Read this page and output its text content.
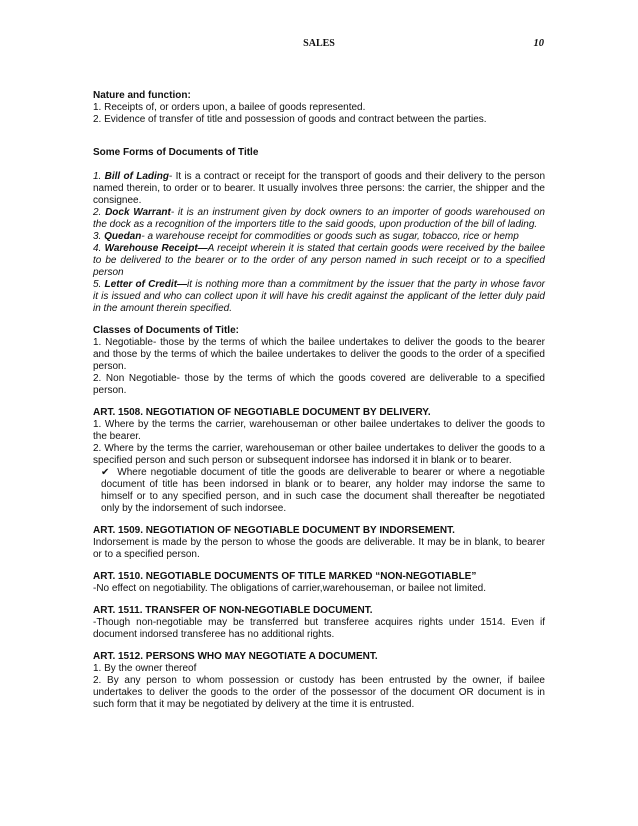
SALES	10

Nature and function:

1. Receipts of, or orders upon, a bailee of goods represented.

2. Evidence of transfer of title and possession of goods and contract between the parties.

Some Forms of Documents of Title

1. Bill of Lading- It is a contract or receipt for the transport of goods and their delivery to the person named therein, to order or to bearer. It usually involves three persons: the carrier, the shipper and the consignee.

2. Dock Warrant- it is an instrument given by dock owners to an importer of goods warehoused on the dock as a recognition of the importers title to the said goods, upon production of the bill of lading.

3. Quedan- a warehouse receipt for commodities or goods such as sugar, tobacco, rice or hemp

4. Warehouse Receipt—A receipt wherein it is stated that certain goods were received by the bailee to be delivered to the bearer or to the order of any person named in such receipt or to a specified person

5. Letter of Credit—it is nothing more than a commitment by the issuer that the party in whose favor it is issued and who can collect upon it will have his credit against the applicant of the letter duly paid in the amount therein specified.

Classes of Documents of Title:

1. Negotiable- those by the terms of which the bailee undertakes to deliver the goods to the bearer and those by the terms of which the bailee undertakes to deliver the goods to the order of a specified person.

2. Non Negotiable- those by the terms of which the goods covered are deliverable to a specified person.

ART. 1508. NEGOTIATION OF NEGOTIABLE DOCUMENT BY DELIVERY.

1. Where by the terms the carrier, warehouseman or other bailee undertakes to deliver the goods to the bearer.

2. Where by the terms the carrier, warehouseman or other bailee undertakes to deliver the goods to a specified person and such person or subsequent indorsee has indorsed it in blank or to bearer.

✔ Where negotiable document of title the goods are deliverable to bearer or where a negotiable document of title has been indorsed in blank or to bearer, any holder may indorse the same to himself or to any specified person, and in such case the document shall thereafter be negotiated only by the indorsement of such indorsee.

ART. 1509. NEGOTIATION OF NEGOTIABLE DOCUMENT BY INDORSEMENT.

Indorsement is made by the person to whose the goods are deliverable. It may be in blank, to bearer or to a specified person.

ART. 1510. NEGOTIABLE DOCUMENTS OF TITLE MARKED “NON-NEGOTIABLE”

-No effect on negotiability. The obligations of carrier,warehouseman, or bailee not limited.

ART. 1511. TRANSFER OF NON-NEGOTIABLE DOCUMENT.

-Though non-negotiable may be transferred but transferee acquires rights under 1514. Even if document indorsed transferee has no additional rights.

ART. 1512. PERSONS WHO MAY NEGOTIATE A DOCUMENT.

1. By the owner thereof

2. By any person to whom possession or custody has been entrusted by the owner, if bailee undertakes to deliver the goods to the order of the possessor of the document OR document is in such form that it may be negotiated by delivery at the time it is entrusted.
